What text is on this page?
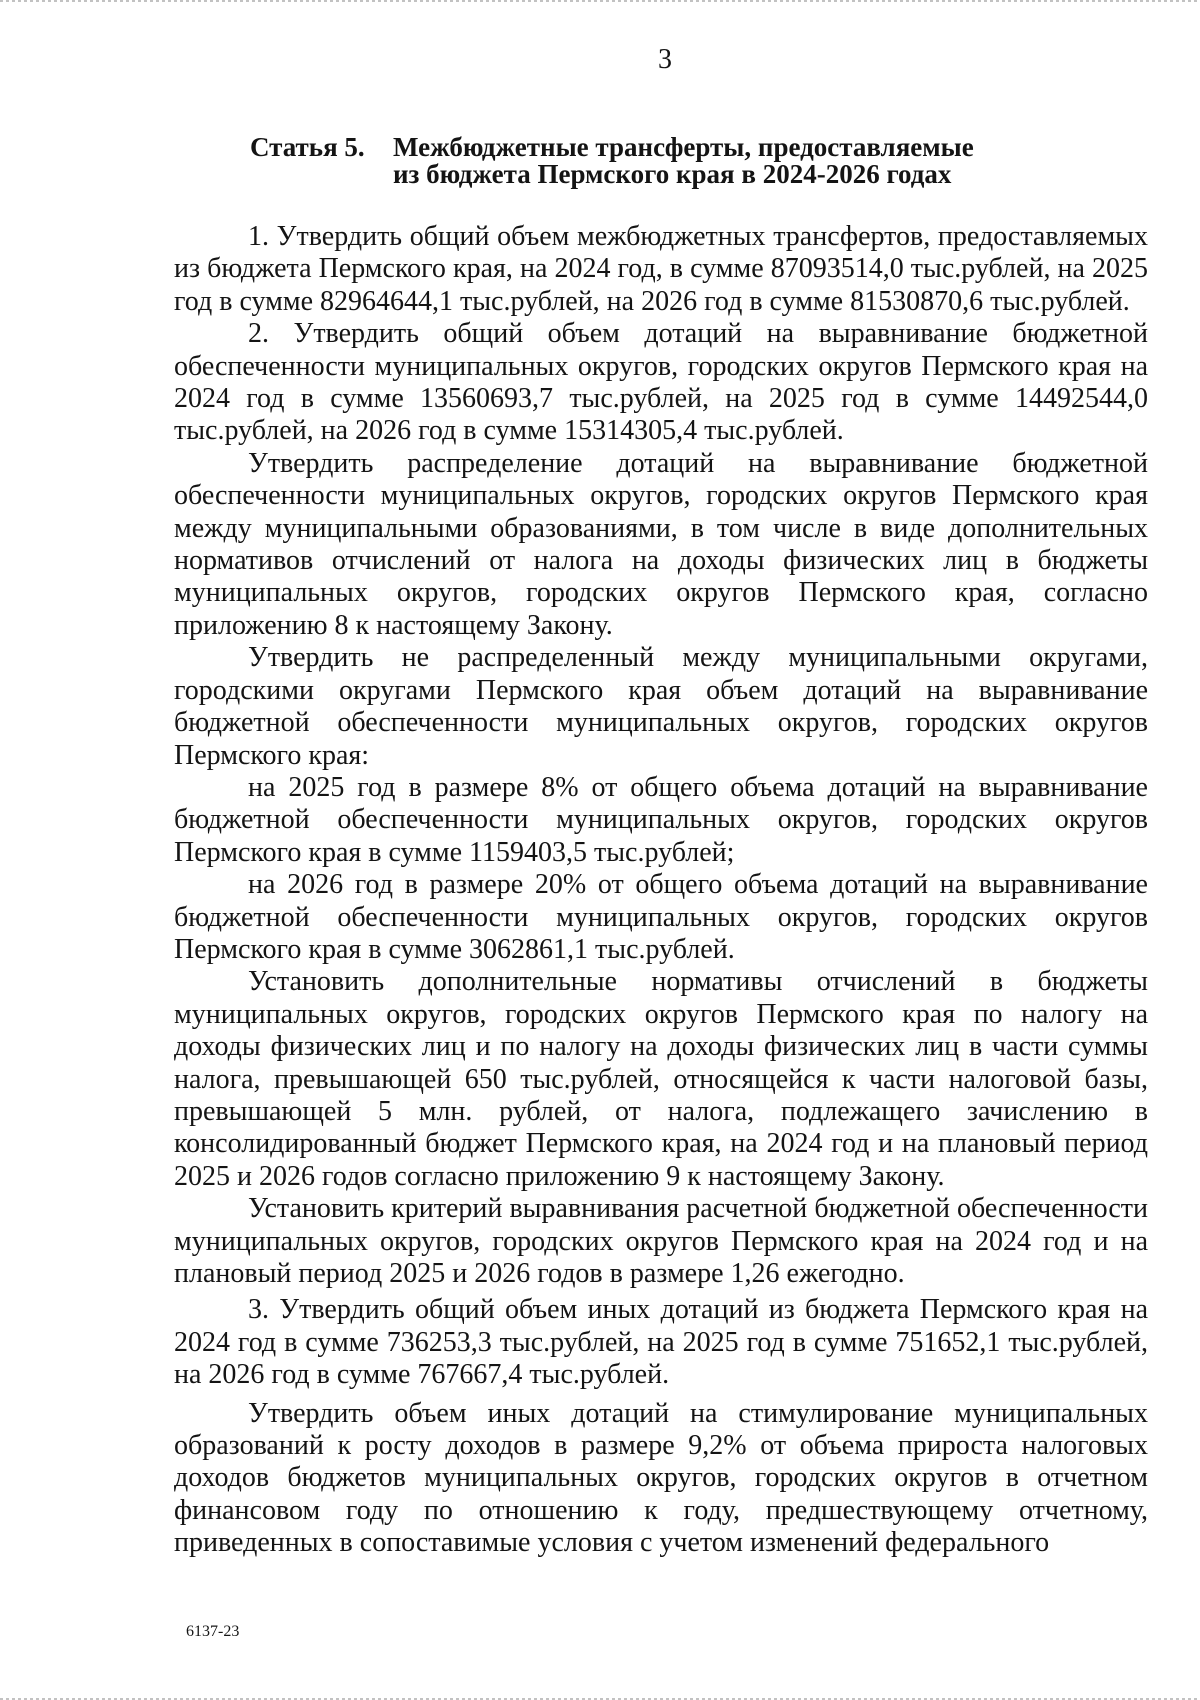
3
Статья 5.	Межбюджетные трансферты, предоставляемые
из бюджета Пермского края в 2024-2026 годах

1. Утвердить общий объем межбюджетных трансфертов, предоставляемых из бюджета Пермского края, на 2024 год, в сумме 87093514,0 тыс.рублей, на 2025 год в сумме 82964644,1 тыс.рублей, на 2026 год в сумме 81530870,6 тыс.рублей.

2. Утвердить общий объем дотаций на выравнивание бюджетной обеспеченности муниципальных округов, городских округов Пермского края на 2024 год в сумме 13560693,7 тыс.рублей, на 2025 год в сумме 14492544,0 тыс.рублей, на 2026 год в сумме 15314305,4 тыс.рублей.

Утвердить распределение дотаций на выравнивание бюджетной обеспеченности муниципальных округов, городских округов Пермского края между муниципальными образованиями, в том числе в виде дополнительных нормативов отчислений от налога на доходы физических лиц в бюджеты муниципальных округов, городских округов Пермского края, согласно приложению 8 к настоящему Закону.

Утвердить не распределенный между муниципальными округами, городскими округами Пермского края объем дотаций на выравнивание бюджетной обеспеченности муниципальных округов, городских округов Пермского края:

на 2025 год в размере 8% от общего объема дотаций на выравнивание бюджетной обеспеченности муниципальных округов, городских округов Пермского края в сумме 1159403,5 тыс.рублей;

на 2026 год в размере 20% от общего объема дотаций на выравнивание бюджетной обеспеченности муниципальных округов, городских округов Пермского края в сумме 3062861,1 тыс.рублей.

Установить дополнительные нормативы отчислений в бюджеты муниципальных округов, городских округов Пермского края по налогу на доходы физических лиц и по налогу на доходы физических лиц в части суммы налога, превышающей 650 тыс.рублей, относящейся к части налоговой базы, превышающей 5 млн. рублей, от налога, подлежащего зачислению в консолидированный бюджет Пермского края, на 2024 год и на плановый период 2025 и 2026 годов согласно приложению 9 к настоящему Закону.

Установить критерий выравнивания расчетной бюджетной обеспеченности муниципальных округов, городских округов Пермского края на 2024 год и на плановый период 2025 и 2026 годов в размере 1,26 ежегодно.

3. Утвердить общий объем иных дотаций из бюджета Пермского края на 2024 год в сумме 736253,3 тыс.рублей, на 2025 год в сумме 751652,1 тыс.рублей, на 2026 год в сумме 767667,4 тыс.рублей.

Утвердить объем иных дотаций на стимулирование муниципальных образований к росту доходов в размере 9,2% от объема прироста налоговых доходов бюджетов муниципальных округов, городских округов в отчетном финансовом году по отношению к году, предшествующему отчетному, приведенных в сопоставимые условия с учетом изменений федерального

6137-23
